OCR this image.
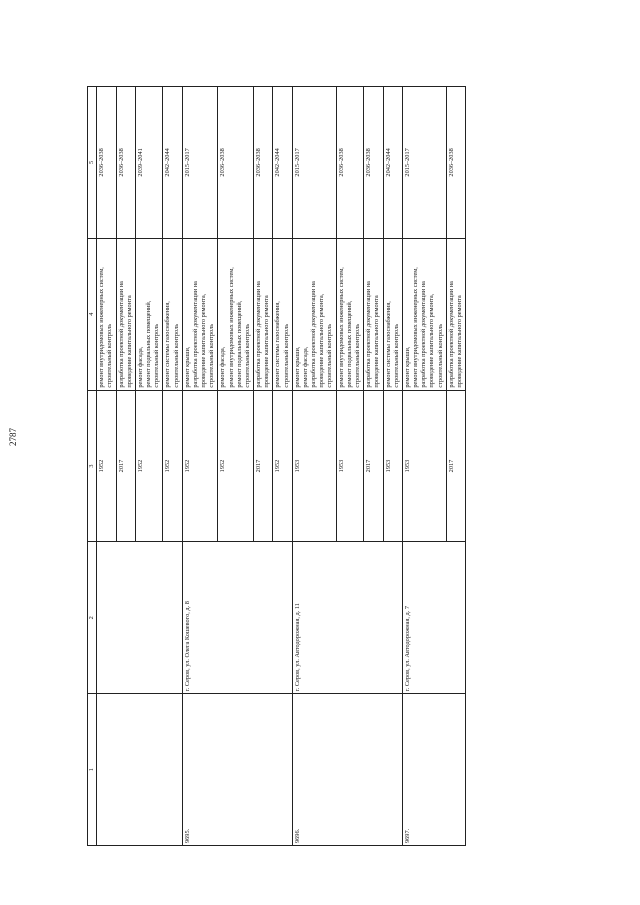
2787
1	2	3	4	5
		1952	ремонт внутридомовых инженерных систем, строительный контроль	2036–2038
		2017	разработка проектной документации на проведение капитального ремонта	2036–2038
		1952	ремонт фасада, ремонт подвальных помещений, строительный контроль	2039–2041
		1952	ремонт системы газоснабжения, строительный контроль	2042–2044
9695.	г. Серов, ул. Олега Кошевого, д. 8	1952	ремонт крыши, разработка проектной документации на проведение капитального ремонта, строительный контроль	2015–2017
		1952	ремонт фасада, ремонт внутридомовых инженерных систем, ремонт подвальных помещений, строительный контроль	2036–2038
		2017	разработка проектной документации на проведение капитального ремонта	2036–2038
		1952	ремонт системы газоснабжения, строительный контроль	2042–2044
9696.	г. Серов, ул. Автодорожная, д. 11	1953	ремонт крыши, ремонт фасада, разработка проектной документации на проведение капитального ремонта, строительный контроль	2015–2017
		1953	ремонт внутридомовых инженерных систем, ремонт подвальных помещений, строительный контроль	2036–2038
		2017	разработка проектной документации на проведение капитального ремонта	2036–2038
		1953	ремонт системы газоснабжения, строительный контроль	2042–2044
9697.	г. Серов, ул. Автодорожная, д. 7	1953	ремонт крыши, ремонт внутридомовых инженерных систем, разработка проектной документации на проведение капитального ремонта, строительный контроль	2015–2017
		2017	разработка проектной документации на проведение капитального ремонта	2036–2038
